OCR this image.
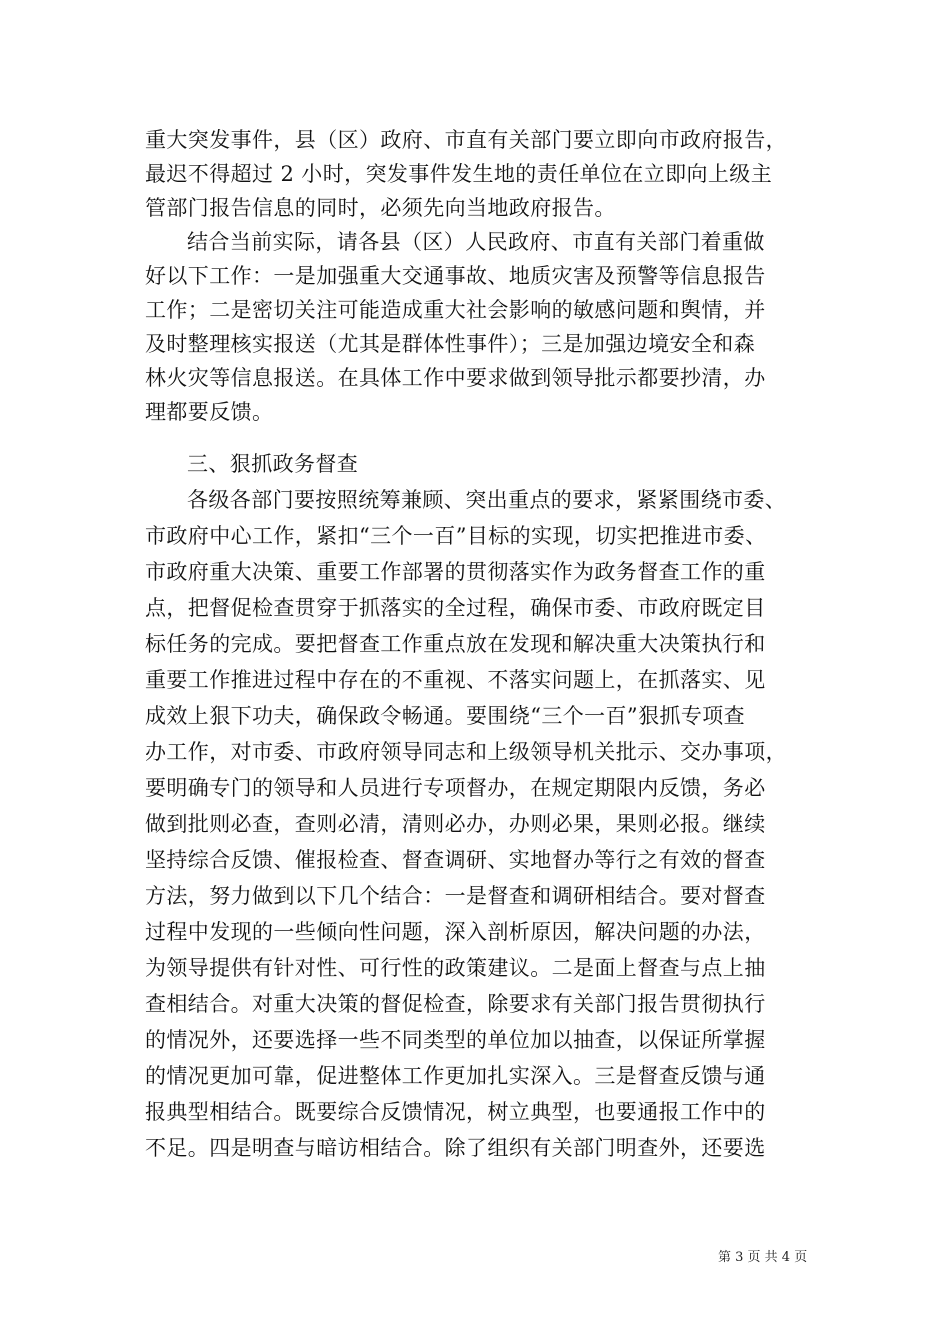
重大突发事件，县（区）政府、市直有关部门要立即向市政府报告，
最迟不得超过 2 小时，突发事件发生地的责任单位在立即向上级主
管部门报告信息的同时，必须先向当地政府报告。
结合当前实际，请各县（区）人民政府、市直有关部门着重做
好以下工作：一是加强重大交通事故、地质灾害及预警等信息报告
工作；二是密切关注可能造成重大社会影响的敏感问题和舆情，并
及时整理核实报送（尤其是群体性事件）；三是加强边境安全和森
林火灾等信息报送。在具体工作中要求做到领导批示都要抄清，办
理都要反馈。
三、狠抓政务督查
各级各部门要按照统筹兼顾、突出重点的要求，紧紧围绕市委、
市政府中心工作，紧扣“三个一百”目标的实现，切实把推进市委、
市政府重大决策、重要工作部署的贯彻落实作为政务督查工作的重
点，把督促检查贯穿于抓落实的全过程，确保市委、市政府既定目
标任务的完成。要把督查工作重点放在发现和解决重大决策执行和
重要工作推进过程中存在的不重视、不落实问题上，在抓落实、见
成效上狠下功夫，确保政令畅通。要围绕“三个一百”狠抓专项查
办工作，对市委、市政府领导同志和上级领导机关批示、交办事项，
要明确专门的领导和人员进行专项督办，在规定期限内反馈，务必
做到批则必查，查则必清，清则必办，办则必果，果则必报。继续
坚持综合反馈、催报检查、督查调研、实地督办等行之有效的督查
方法，努力做到以下几个结合：一是督查和调研相结合。要对督查
过程中发现的一些倾向性问题，深入剖析原因，解决问题的办法，
为领导提供有针对性、可行性的政策建议。二是面上督查与点上抽
查相结合。对重大决策的督促检查，除要求有关部门报告贯彻执行
的情况外，还要选择一些不同类型的单位加以抽查，以保证所掌握
的情况更加可靠，促进整体工作更加扎实深入。三是督查反馈与通
报典型相结合。既要综合反馈情况，树立典型，也要通报工作中的
不足。四是明查与暗访相结合。除了组织有关部门明查外，还要选
第 3 页 共 4 页
